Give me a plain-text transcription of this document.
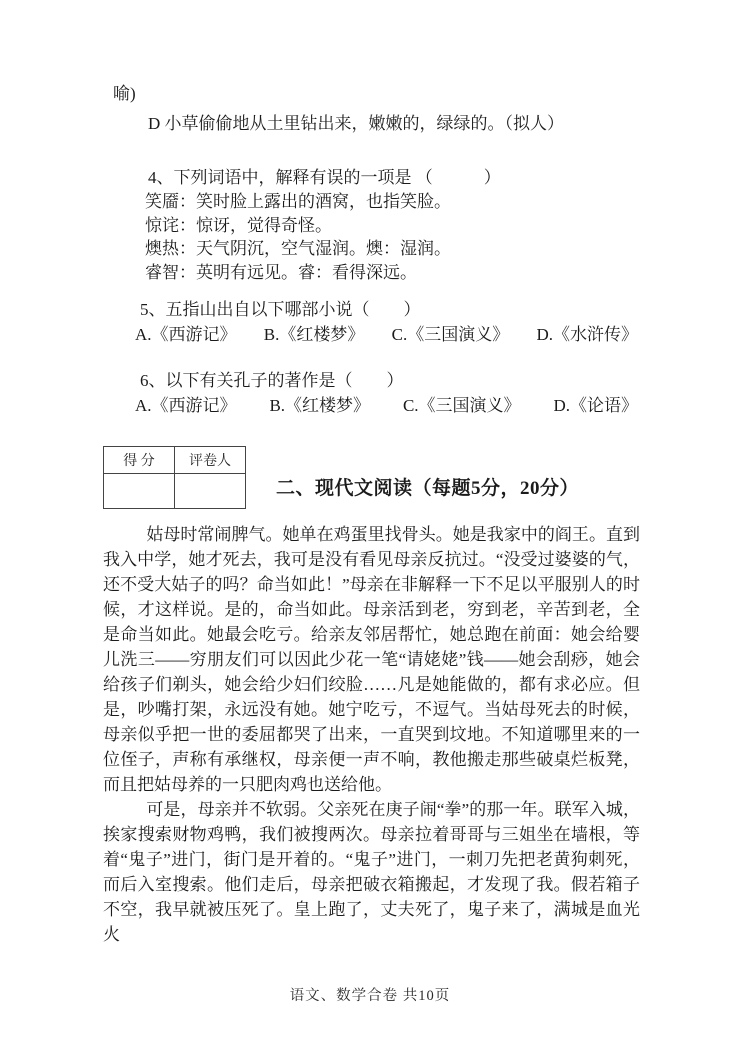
喻)
D 小草偷偷地从土里钻出来，嫩嫩的，绿绿的。（拟人）
4、下列词语中，解释有误的一项是 （　　　）
笑靥：笑时脸上露出的酒窝，也指笑脸。
惊诧：惊讶，觉得奇怪。
燠热：天气阴沉，空气湿润。燠：湿润。
睿智：英明有远见。睿：看得深远。
5、五指山出自以下哪部小说（　　）
A.《西游记》 B.《红楼梦》 C.《三国演义》 D.《水浒传》
6、以下有关孔子的著作是（　　）
A.《西游记》 B.《红楼梦》 C.《三国演义》 D.《论语》
得 分	评卷人

二、现代文阅读（每题5分，20分）
姑母时常闹脾气。她单在鸡蛋里找骨头。她是我家中的阎王。直到我入中学，她才死去，我可是没有看见母亲反抗过。“没受过婆婆的气，还不受大姑子的吗？命当如此！”母亲在非解释一下不足以平服别人的时候，才这样说。是的，命当如此。母亲活到老，穷到老，辛苦到老，全是命当如此。她最会吃亏。给亲友邻居帮忙，她总跑在前面：她会给婴儿洗三——穷朋友们可以因此少花一笔“请姥姥”钱——她会刮痧，她会给孩子们剃头，她会给少妇们绞脸……凡是她能做的，都有求必应。但是，吵嘴打架，永远没有她。她宁吃亏，不逗气。当姑母死去的时候，母亲似乎把一世的委屈都哭了出来，一直哭到坟地。不知道哪里来的一位侄子，声称有承继权，母亲便一声不响，教他搬走那些破桌烂板凳，而且把姑母养的一只肥肉鸡也送给他。
可是，母亲并不软弱。父亲死在庚子闹“拳”的那一年。联军入城，挨家搜索财物鸡鸭，我们被搜两次。母亲拉着哥哥与三姐坐在墙根，等着“鬼子”进门，街门是开着的。“鬼子”进门，一刺刀先把老黄狗刺死，而后入室搜索。他们走后，母亲把破衣箱搬起，才发现了我。假若箱子不空，我早就被压死了。皇上跑了，丈夫死了，鬼子来了，满城是血光火
语文、数学合卷 共10页
